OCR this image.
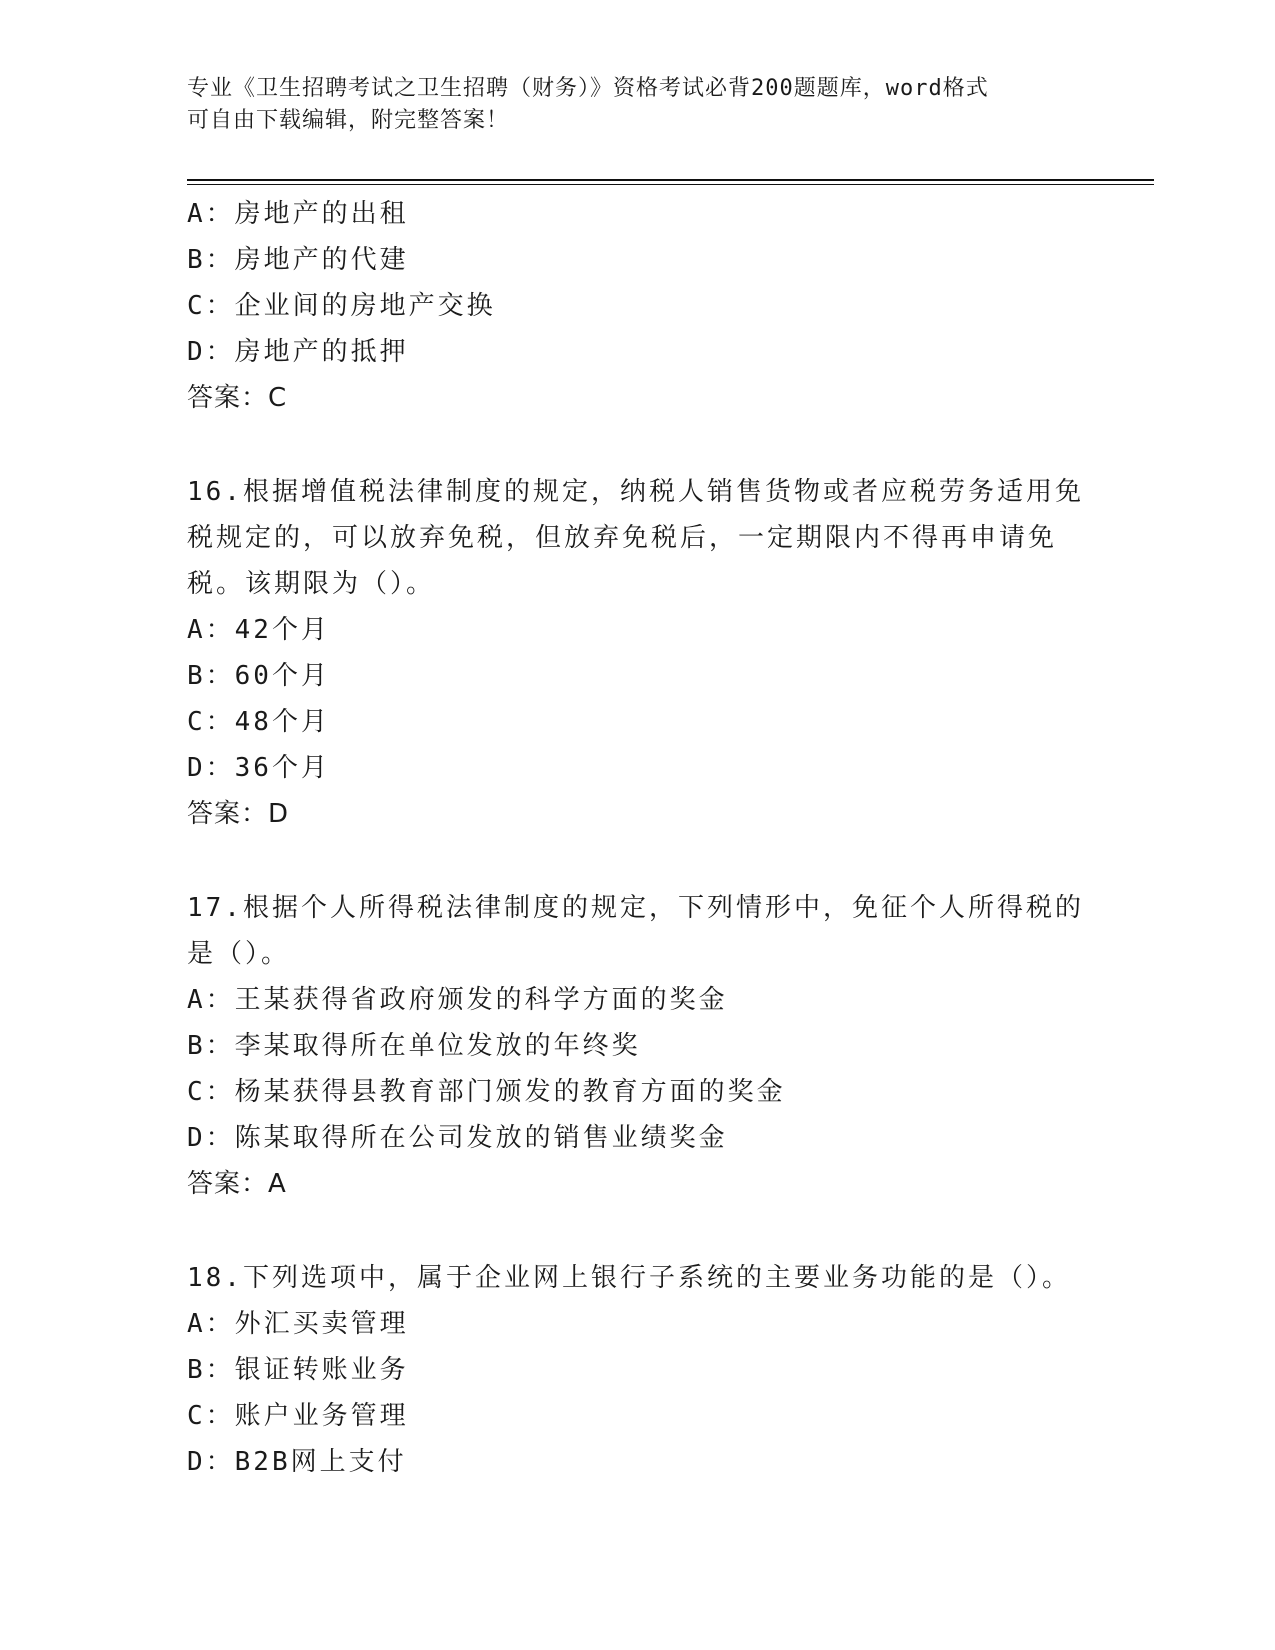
专业《卫生招聘考试之卫生招聘（财务）》资格考试必背200题题库，word格式
可自由下载编辑，附完整答案！
A：房地产的出租
B：房地产的代建
C：企业间的房地产交换
D：房地产的抵押
答案：C
16.根据增值税法律制度的规定，纳税人销售货物或者应税劳务适用免
税规定的，可以放弃免税，但放弃免税后，一定期限内不得再申请免
税。该期限为（）。
A：42个月
B：60个月
C：48个月
D：36个月
答案：D
17.根据个人所得税法律制度的规定，下列情形中，免征个人所得税的
是（）。
A：王某获得省政府颁发的科学方面的奖金
B：李某取得所在单位发放的年终奖
C：杨某获得县教育部门颁发的教育方面的奖金
D：陈某取得所在公司发放的销售业绩奖金
答案：A
18.下列选项中，属于企业网上银行子系统的主要业务功能的是（）。
A：外汇买卖管理
B：银证转账业务
C：账户业务管理
D：B2B网上支付
